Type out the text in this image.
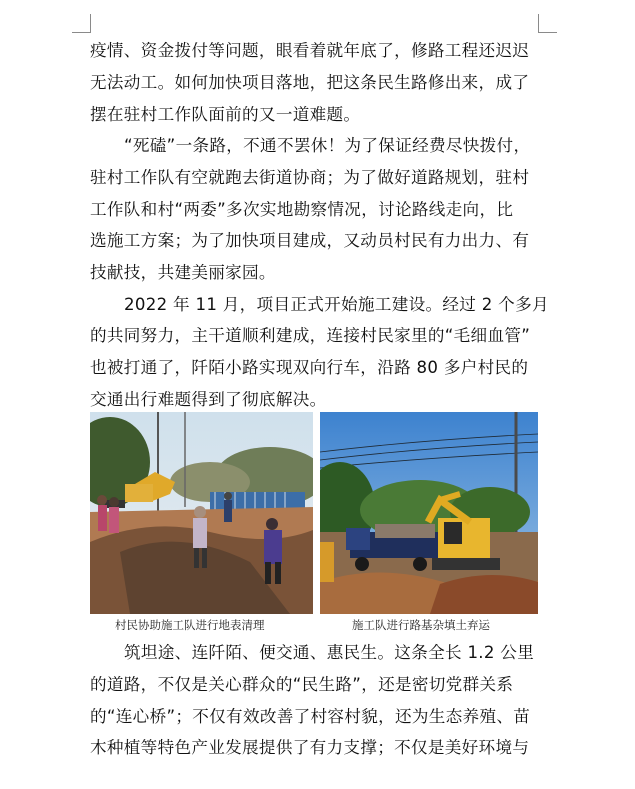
疫情、资金拨付等问题，眼看着就年底了，修路工程还迟迟
无法动工。如何加快项目落地，把这条民生路修出来，成了
摆在驻村工作队面前的又一道难题。
“死磕”一条路，不通不罢休！为了保证经费尽快拨付，
驻村工作队有空就跑去街道协商；为了做好道路规划，驻村
工作队和村“两委”多次实地勘察情况，讨论路线走向，比
选施工方案；为了加快项目建成，又动员村民有力出力、有
技献技，共建美丽家园。
2022 年 11 月，项目正式开始施工建设。经过 2 个多月
的共同努力，主干道顺利建成，连接村民家里的“毛细血管”
也被打通了，阡陌小路实现双向行车，沿路 80 多户村民的
交通出行难题得到了彻底解决。
村民协助施工队进行地表清理	施工队进行路基杂填土弃运
筑坦途、连阡陌、便交通、惠民生。这条全长 1.2 公里
的道路，不仅是关心群众的“民生路”，还是密切党群关系
的“连心桥”；不仅有效改善了村容村貌，还为生态养殖、苗
木种植等特色产业发展提供了有力支撑；不仅是美好环境与
